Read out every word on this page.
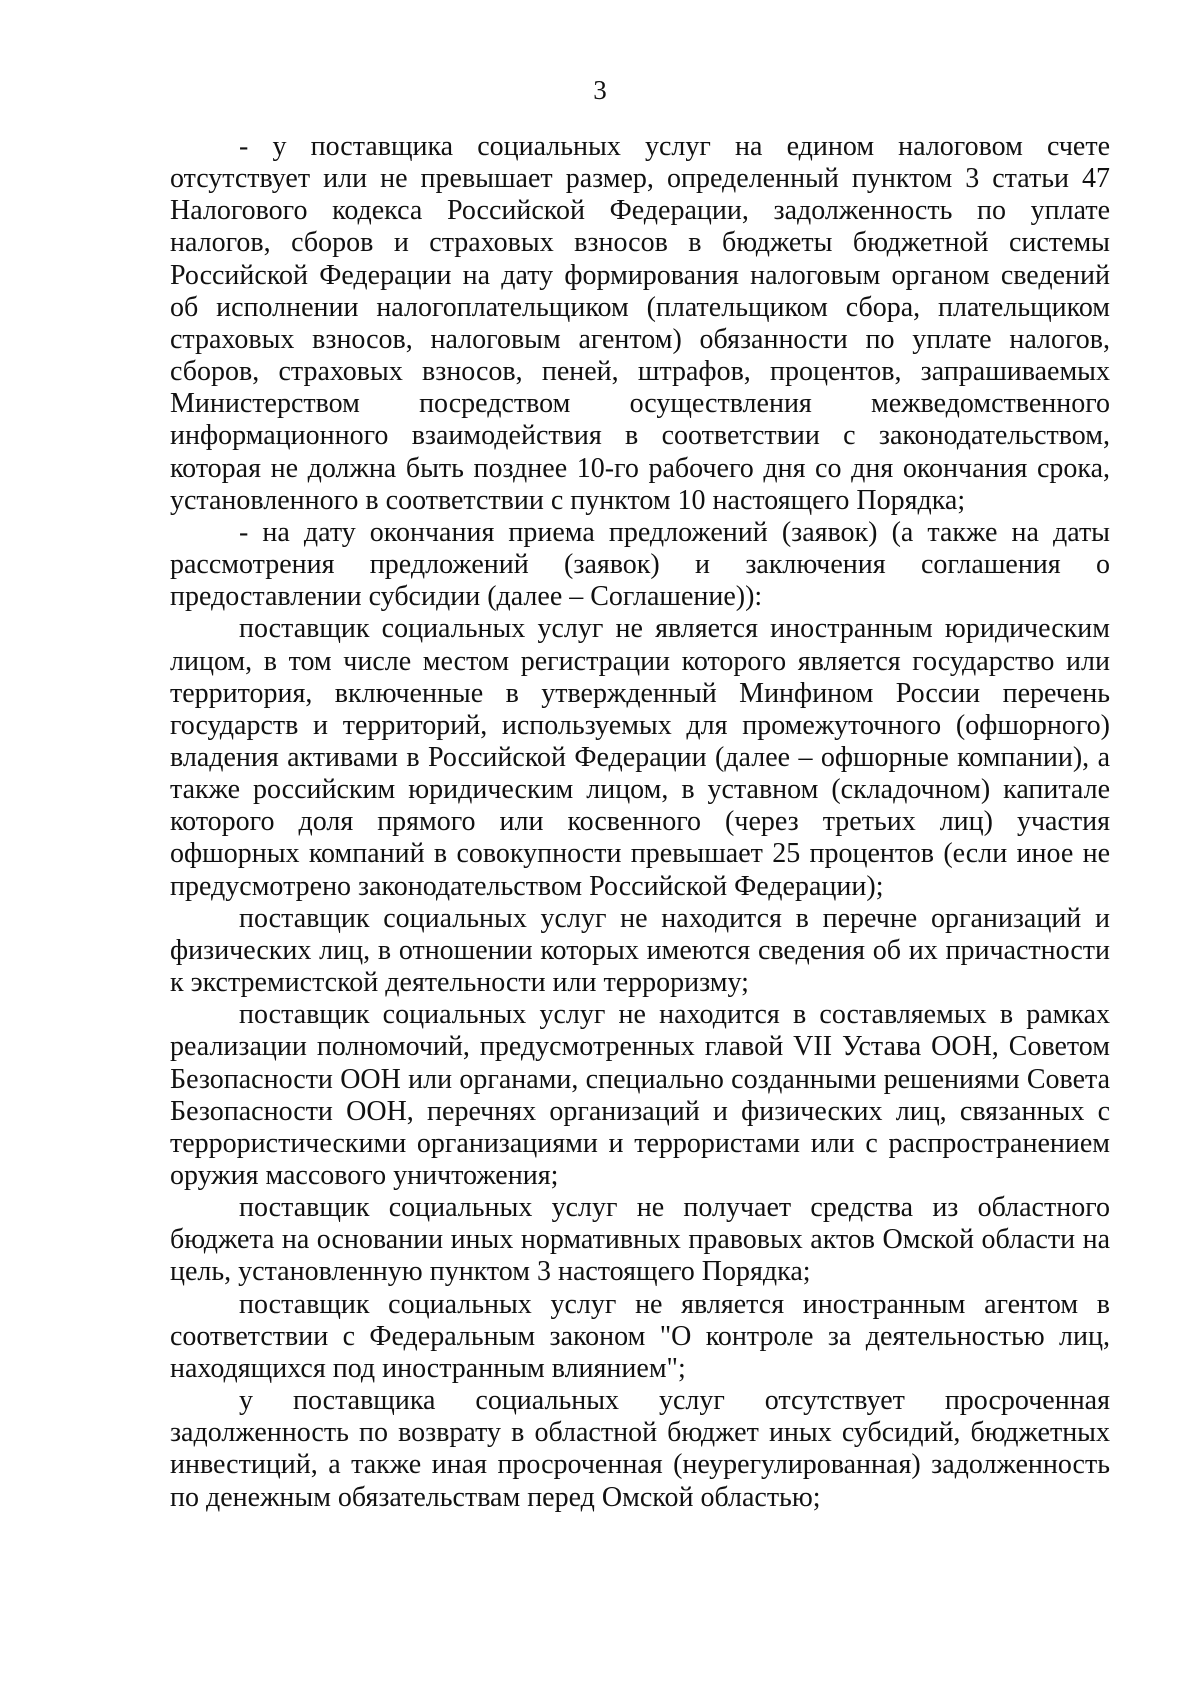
3

- у поставщика социальных услуг на едином налоговом счете отсутствует или не превышает размер, определенный пунктом 3 статьи 47 Налогового кодекса Российской Федерации, задолженность по уплате налогов, сборов и страховых взносов в бюджеты бюджетной системы Российской Федерации на дату формирования налоговым органом сведений об исполнении налогоплательщиком (плательщиком сбора, плательщиком страховых взносов, налоговым агентом) обязанности по уплате налогов, сборов, страховых взносов, пеней, штрафов, процентов, запрашиваемых Министерством посредством осуществления межведомственного информационного взаимодействия в соответствии с законодательством, которая не должна быть позднее 10-го рабочего дня со дня окончания срока, установленного в соответствии с пунктом 10 настоящего Порядка;

- на дату окончания приема предложений (заявок) (а также на даты рассмотрения предложений (заявок) и заключения соглашения о предоставлении субсидии (далее – Соглашение)):

поставщик социальных услуг не является иностранным юридическим лицом, в том числе местом регистрации которого является государство или территория, включенные в утвержденный Минфином России перечень государств и территорий, используемых для промежуточного (офшорного) владения активами в Российской Федерации (далее – офшорные компании), а также российским юридическим лицом, в уставном (складочном) капитале которого доля прямого или косвенного (через третьих лиц) участия офшорных компаний в совокупности превышает 25 процентов (если иное не предусмотрено законодательством Российской Федерации);

поставщик социальных услуг не находится в перечне организаций и физических лиц, в отношении которых имеются сведения об их причастности к экстремистской деятельности или терроризму;

поставщик социальных услуг не находится в составляемых в рамках реализации полномочий, предусмотренных главой VII Устава ООН, Советом Безопасности ООН или органами, специально созданными решениями Совета Безопасности ООН, перечнях организаций и физических лиц, связанных с террористическими организациями и террористами или с распространением оружия массового уничтожения;

поставщик социальных услуг не получает средства из областного бюджета на основании иных нормативных правовых актов Омской области на цель, установленную пунктом 3 настоящего Порядка;

поставщик социальных услуг не является иностранным агентом в соответствии с Федеральным законом "О контроле за деятельностью лиц, находящихся под иностранным влиянием";

у поставщика социальных услуг отсутствует просроченная задолженность по возврату в областной бюджет иных субсидий, бюджетных инвестиций, а также иная просроченная (неурегулированная) задолженность по денежным обязательствам перед Омской областью;
